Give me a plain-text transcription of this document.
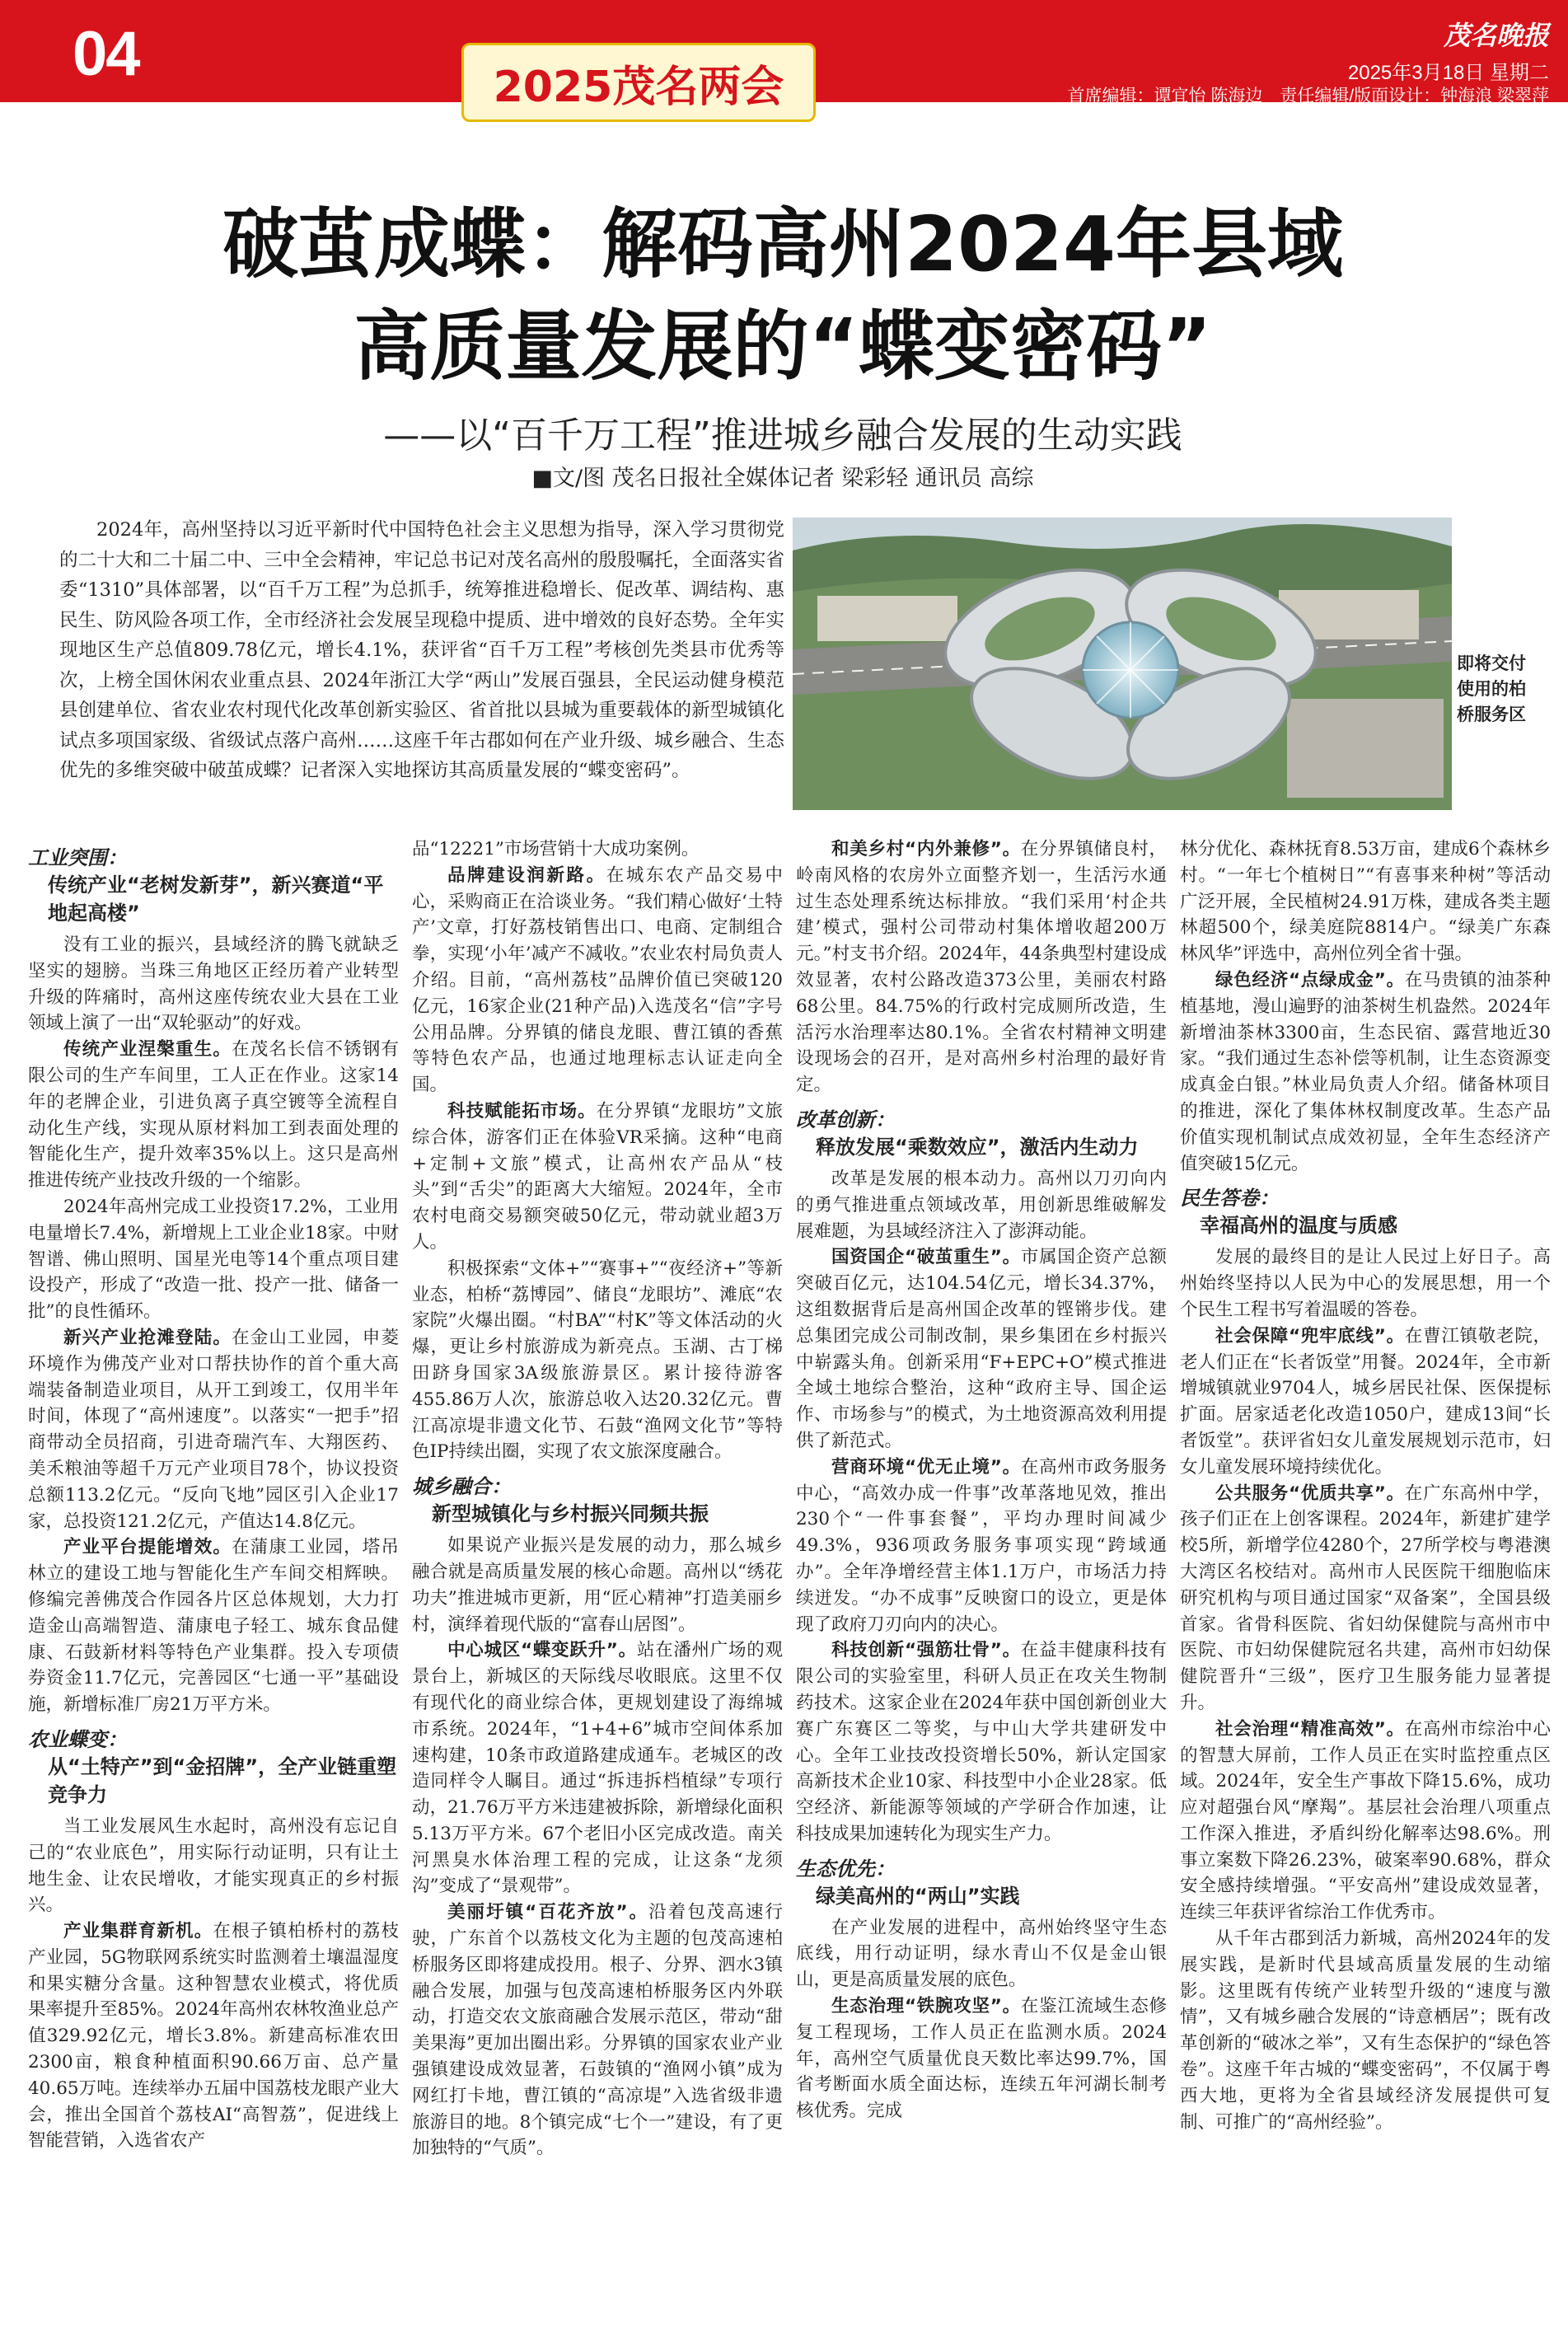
04	2025茂名两会
茂名晚报
2025年3月18日 星期二
首席编辑：谭宜怡 陈海边　责任编辑/版面设计：钟海浪 梁翠萍
破茧成蝶：解码高州2024年县域
高质量发展的“蝶变密码”
——以“百千万工程”推进城乡融合发展的生动实践
■文/图 茂名日报社全媒体记者 梁彩轻 通讯员 高综
2024年，高州坚持以习近平新时代中国特色社会主义思想为指导，深入学习贯彻党的二十大和二十届二中、三中全会精神，牢记总书记对茂名高州的殷殷嘱托，全面落实省委“1310”具体部署，以“百千万工程”为总抓手，统筹推进稳增长、促改革、调结构、惠民生、防风险各项工作，全市经济社会发展呈现稳中提质、进中增效的良好态势。全年实现地区生产总值809.78亿元，增长4.1%，获评省“百千万工程”考核创先类县市优秀等次，上榜全国休闲农业重点县、2024年浙江大学“两山”发展百强县，全民运动健身模范县创建单位、省农业农村现代化改革创新实验区、省首批以县城为重要载体的新型城镇化试点多项国家级、省级试点落户高州……这座千年古郡如何在产业升级、城乡融合、生态优先的多维突破中破茧成蝶？记者深入实地探访其高质量发展的“蝶变密码”。
即将交付使用的柏桥服务区
工业突围：
传统产业“老树发新芽”，新兴赛道“平地起高楼”

没有工业的振兴，县域经济的腾飞就缺乏坚实的翅膀。当珠三角地区正经历着产业转型升级的阵痛时，高州这座传统农业大县在工业领域上演了一出“双轮驱动”的好戏。

传统产业涅槃重生。在茂名长信不锈钢有限公司的生产车间里，工人正在作业。这家14年的老牌企业，引进负离子真空镀等全流程自动化生产线，实现从原材料加工到表面处理的智能化生产，提升效率35%以上。这只是高州推进传统产业技改升级的一个缩影。

2024年高州完成工业投资17.2%，工业用电量增长7.4%，新增规上工业企业18家。中财智谱、佛山照明、国星光电等14个重点项目建设投产，形成了“改造一批、投产一批、储备一批”的良性循环。

新兴产业抢滩登陆。在金山工业园，申菱环境作为佛茂产业对口帮扶协作的首个重大高端装备制造业项目，从开工到竣工，仅用半年时间，体现了“高州速度”。以落实“一把手”招商带动全员招商，引进奇瑞汽车、大翔医药、美禾粮油等超千万元产业项目78个，协议投资总额113.2亿元。“反向飞地”园区引入企业17家，总投资121.2亿元，产值达14.8亿元。

产业平台提能增效。在蒲康工业园，塔吊林立的建设工地与智能化生产车间交相辉映。修编完善佛茂合作园各片区总体规划，大力打造金山高端智造、蒲康电子轻工、城东食品健康、石鼓新材料等特色产业集群。投入专项债券资金11.7亿元，完善园区“七通一平”基础设施，新增标准厂房21万平方米。

农业蝶变：
从“土特产”到“金招牌”，全产业链重塑竞争力

当工业发展风生水起时，高州没有忘记自己的“农业底色”，用实际行动证明，只有让土地生金、让农民增收，才能实现真正的乡村振兴。

产业集群育新机。在根子镇柏桥村的荔枝产业园，5G物联网系统实时监测着土壤温湿度和果实糖分含量。这种智慧农业模式，将优质果率提升至85%。2024年高州农林牧渔业总产值329.92亿元，增长3.8%。新建高标准农田2300亩，粮食种植面积90.66万亩、总产量40.65万吨。连续举办五届中国荔枝龙眼产业大会，推出全国首个荔枝AI“高智荔”，促进线上智能营销，入选省农产

品“12221”市场营销十大成功案例。

品牌建设润新路。在城东农产品交易中心，采购商正在洽谈业务。“我们精心做好‘土特产’文章，打好荔枝销售出口、电商、定制组合拳，实现‘小年’减产不减收。”农业农村局负责人介绍。目前，“高州荔枝”品牌价值已突破120亿元，16家企业(21种产品)入选茂名“信”字号公用品牌。分界镇的储良龙眼、曹江镇的香蕉等特色农产品，也通过地理标志认证走向全国。

科技赋能拓市场。在分界镇“龙眼坊”文旅综合体，游客们正在体验VR采摘。这种“电商+定制+文旅”模式，让高州农产品从“枝头”到“舌尖”的距离大大缩短。2024年，全市农村电商交易额突破50亿元，带动就业超3万人。

积极探索“文体+”“赛事+”“夜经济+”等新业态，柏桥“荔博园”、储良“龙眼坊”、滩底“农家院”火爆出圈。“村BA”“村K”等文体活动的火爆，更让乡村旅游成为新亮点。玉湖、古丁梯田跻身国家3A级旅游景区。累计接待游客455.86万人次，旅游总收入达20.32亿元。曹江高凉堤非遗文化节、石鼓“渔网文化节”等特色IP持续出圈，实现了农文旅深度融合。

城乡融合：
新型城镇化与乡村振兴同频共振

如果说产业振兴是发展的动力，那么城乡融合就是高质量发展的核心命题。高州以“绣花功夫”推进城市更新，用“匠心精神”打造美丽乡村，演绎着现代版的“富春山居图”。

中心城区“蝶变跃升”。站在潘州广场的观景台上，新城区的天际线尽收眼底。这里不仅有现代化的商业综合体，更规划建设了海绵城市系统。2024年，“1+4+6”城市空间体系加速构建，10条市政道路建成通车。老城区的改造同样令人瞩目。通过“拆违拆档植绿”专项行动，21.76万平方米违建被拆除，新增绿化面积5.13万平方米。67个老旧小区完成改造。南关河黑臭水体治理工程的完成，让这条“龙须沟”变成了“景观带”。

美丽圩镇“百花齐放”。沿着包茂高速行驶，广东首个以荔枝文化为主题的包茂高速柏桥服务区即将建成投用。根子、分界、泗水3镇融合发展，加强与包茂高速柏桥服务区内外联动，打造交农文旅商融合发展示范区，带动“甜美果海”更加出圈出彩。分界镇的国家农业产业强镇建设成效显著，石鼓镇的“渔网小镇”成为网红打卡地，曹江镇的“高凉堤”入选省级非遗旅游目的地。8个镇完成“七个一”建设，有了更加独特的“气质”。

和美乡村“内外兼修”。在分界镇储良村，岭南风格的农房外立面整齐划一，生活污水通过生态处理系统达标排放。“我们采用‘村企共建’模式，强村公司带动村集体增收超200万元。”村支书介绍。2024年，44条典型村建设成效显著，农村公路改造373公里，美丽农村路68公里。84.75%的行政村完成厕所改造，生活污水治理率达80.1%。全省农村精神文明建设现场会的召开，是对高州乡村治理的最好肯定。

改革创新：
释放发展“乘数效应”，激活内生动力

改革是发展的根本动力。高州以刀刃向内的勇气推进重点领域改革，用创新思维破解发展难题，为县域经济注入了澎湃动能。

国资国企“破茧重生”。市属国企资产总额突破百亿元，达104.54亿元，增长34.37%，这组数据背后是高州国企改革的铿锵步伐。建总集团完成公司制改制，果乡集团在乡村振兴中崭露头角。创新采用“F+EPC+O”模式推进全域土地综合整治，这种“政府主导、国企运作、市场参与”的模式，为土地资源高效利用提供了新范式。

营商环境“优无止境”。在高州市政务服务中心，“高效办成一件事”改革落地见效，推出230个“一件事套餐”，平均办理时间减少49.3%，936项政务服务事项实现“跨域通办”。全年净增经营主体1.1万户，市场活力持续迸发。“办不成事”反映窗口的设立，更是体现了政府刀刃向内的决心。

科技创新“强筋壮骨”。在益丰健康科技有限公司的实验室里，科研人员正在攻关生物制药技术。这家企业在2024年获中国创新创业大赛广东赛区二等奖，与中山大学共建研发中心。全年工业技改投资增长50%，新认定国家高新技术企业10家、科技型中小企业28家。低空经济、新能源等领域的产学研合作加速，让科技成果加速转化为现实生产力。

生态优先：
绿美高州的“两山”实践

在产业发展的进程中，高州始终坚守生态底线，用行动证明，绿水青山不仅是金山银山，更是高质量发展的底色。

生态治理“铁腕攻坚”。在鉴江流域生态修复工程现场，工作人员正在监测水质。2024年，高州空气质量优良天数比率达99.7%，国省考断面水质全面达标，连续五年河湖长制考核优秀。完成

林分优化、森林抚育8.53万亩，建成6个森林乡村。“一年七个植树日”“有喜事来种树”等活动广泛开展，全民植树24.91万株，建成各类主题林超500个，绿美庭院8814户。“绿美广东森林风华”评选中，高州位列全省十强。

绿色经济“点绿成金”。在马贵镇的油茶种植基地，漫山遍野的油茶树生机盎然。2024年新增油茶林3300亩，生态民宿、露营地近30家。“我们通过生态补偿等机制，让生态资源变成真金白银。”林业局负责人介绍。储备林项目的推进，深化了集体林权制度改革。生态产品价值实现机制试点成效初显，全年生态经济产值突破15亿元。

民生答卷：
幸福高州的温度与质感

发展的最终目的是让人民过上好日子。高州始终坚持以人民为中心的发展思想，用一个个民生工程书写着温暖的答卷。

社会保障“兜牢底线”。在曹江镇敬老院，老人们正在“长者饭堂”用餐。2024年，全市新增城镇就业9704人，城乡居民社保、医保提标扩面。居家适老化改造1050户，建成13间“长者饭堂”。获评省妇女儿童发展规划示范市，妇女儿童发展环境持续优化。

公共服务“优质共享”。在广东高州中学，孩子们正在上创客课程。2024年，新建扩建学校5所，新增学位4280个，27所学校与粤港澳大湾区名校结对。高州市人民医院干细胞临床研究机构与项目通过国家“双备案”，全国县级首家。省骨科医院、省妇幼保健院与高州市中医院、市妇幼保健院冠名共建，高州市妇幼保健院晋升“三级”，医疗卫生服务能力显著提升。

社会治理“精准高效”。在高州市综治中心的智慧大屏前，工作人员正在实时监控重点区域。2024年，安全生产事故下降15.6%，成功应对超强台风“摩羯”。基层社会治理八项重点工作深入推进，矛盾纠纷化解率达98.6%。刑事立案数下降26.23%，破案率90.68%，群众安全感持续增强。“平安高州”建设成效显著，连续三年获评省综治工作优秀市。

从千年古郡到活力新城，高州2024年的发展实践，是新时代县域高质量发展的生动缩影。这里既有传统产业转型升级的“速度与激情”，又有城乡融合发展的“诗意栖居”；既有改革创新的“破冰之举”，又有生态保护的“绿色答卷”。这座千年古城的“蝶变密码”，不仅属于粤西大地，更将为全省县域经济发展提供可复制、可推广的“高州经验”。
